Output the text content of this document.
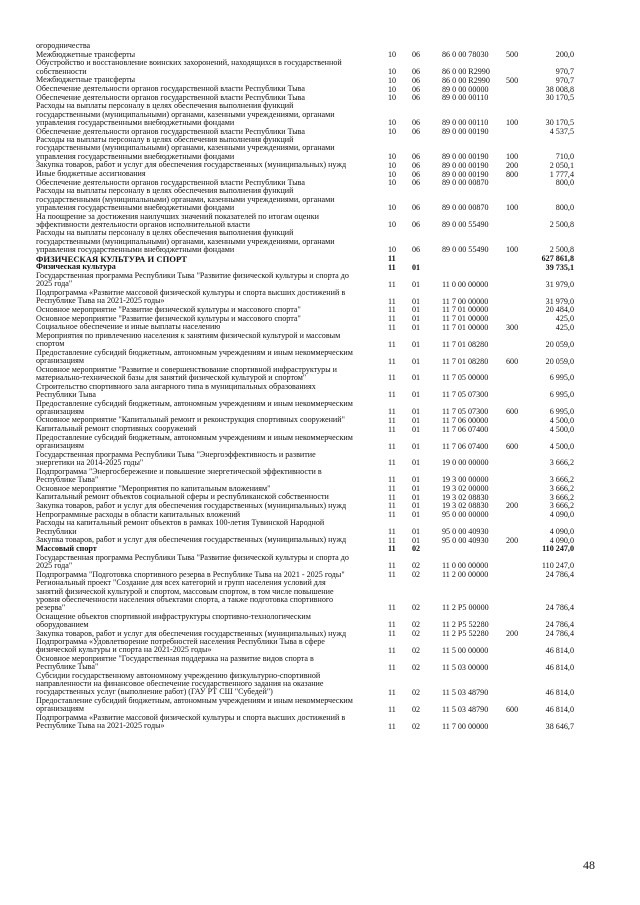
огородничества
Межбюджетные трансферты	10	06	86 0 00 78030	500	200,0
Обустройство и восстановление воинских захоронений, находящихся в государственной
собственности	10	06	86 0 00 R2990	970,7
Межбюджетные трансферты	10	06	86 0 00 R2990	500	970,7
Обеспечение деятельности органов государственной власти Республики Тыва	10	06	89 0 00 00000	38 008,8
Обеспечение деятельности органов государственной власти Республики Тыва	10	06	89 0 00 00110	30 170,5
Расходы на выплаты персоналу в целях обеспечения выполнения функций
государственными (муниципальными) органами, казенными учреждениями, органами
управления государственными внебюджетными фондами	10	06	89 0 00 00110	100	30 170,5
Обеспечение деятельности органов государственной власти Республики Тыва	10	06	89 0 00 00190	4 537,5
Расходы на выплаты персоналу в целях обеспечения выполнения функций
государственными (муниципальными) органами, казенными учреждениями, органами
управления государственными внебюджетными фондами	10	06	89 0 00 00190	100	710,0
Закупка товаров, работ и услуг для обеспечения государственных (муниципальных) нужд	10	06	89 0 00 00190	200	2 050,1
Иные бюджетные ассигнования	10	06	89 0 00 00190	800	1 777,4
Обеспечение деятельности органов государственной власти Республики Тыва	10	06	89 0 00 00870	800,0
Расходы на выплаты персоналу в целях обеспечения выполнения функций
государственными (муниципальными) органами, казенными учреждениями, органами
управления государственными внебюджетными фондами	10	06	89 0 00 00870	100	800,0
На поощрение за достижения наилучших значений показателей по итогам оценки
эффективности деятельности органов исполнительной власти	10	06	89 0 00 55490	2 500,8
Расходы на выплаты персоналу в целях обеспечения выполнения функций
государственными (муниципальными) органами, казенными учреждениями, органами
управления государственными внебюджетными фондами	10	06	89 0 00 55490	100	2 500,8
ФИЗИЧЕСКАЯ КУЛЬТУРА И СПОРТ	11	627 861,8
Физическая культура	11	01	39 735,1
Государственная программа Республики Тыва "Развитие физической культуры и спорта до
2025 года"	11	01	11 0 00 00000	31 979,0
Подпрограмма «Развитие массовой физической культуры и спорта высших достижений в
Республике Тыва на 2021-2025 годы»	11	01	11 7 00 00000	31 979,0
Основное мероприятие "Развитие физической культуры и массового спорта"	11	01	11 7 01 00000	20 484,0
Основное мероприятие "Развитие физической культуры и массового спорта"	11	01	11 7 01 00000	425,0
Социальное обеспечение и иные выплаты населению	11	01	11 7 01 00000	300	425,0
Мероприятия по привлечению населения к занятиям физической культурой и массовым
спортом	11	01	11 7 01 08280	20 059,0
Предоставление субсидий бюджетным, автономным учреждениям и иным некоммерческим
организациям	11	01	11 7 01 08280	600	20 059,0
Основное мероприятие "Развитие и совершенствование спортивной инфраструктуры и
материально-технической базы для занятий физической культурой и спортом"	11	01	11 7 05 00000	6 995,0
Строительство спортивного зала ангарного типа в муниципальных образованиях
Республики Тыва	11	01	11 7 05 07300	6 995,0
Предоставление субсидий бюджетным, автономным учреждениям и иным некоммерческим
организациям	11	01	11 7 05 07300	600	6 995,0
Основное мероприятие "Капитальный ремонт и реконструкция спортивных сооружений"	11	01	11 7 06 00000	4 500,0
Капитальный ремонт спортивных сооружений	11	01	11 7 06 07400	4 500,0
Предоставление субсидий бюджетным, автономным учреждениям и иным некоммерческим
организациям	11	01	11 7 06 07400	600	4 500,0
Государственная программа Республики Тыва "Энергоэффективность и развитие
энергетики на 2014-2025 годы"	11	01	19 0 00 00000	3 666,2
Подпрограмма "Энергосбережение и повышение энергетической эффективности в
Республике Тыва"	11	01	19 3 00 00000	3 666,2
Основное мероприятие "Мероприятия по капитальным вложениям"	11	01	19 3 02 00000	3 666,2
Капитальный ремонт объектов социальной сферы и республиканской собственности	11	01	19 3 02 08830	3 666,2
Закупка товаров, работ и услуг для обеспечения государственных (муниципальных) нужд	11	01	19 3 02 08830	200	3 666,2
Непрограммные расходы в области капитальных вложений	11	01	95 0 00 00000	4 090,0
Расходы на капитальный ремонт объектов в рамках 100-летия Тувинской Народной
Республики	11	01	95 0 00 40930	4 090,0
Закупка товаров, работ и услуг для обеспечения государственных (муниципальных) нужд	11	01	95 0 00 40930	200	4 090,0
Массовый спорт	11	02	110 247,0
Государственная программа Республики Тыва "Развитие физической культуры и спорта до
2025 года"	11	02	11 0 00 00000	110 247,0
Подпрограмма "Подготовка спортивного резерва в Республике Тыва на 2021 - 2025 годы"	11	02	11 2 00 00000	24 786,4
Региональный проект "Создание для всех категорий и групп населения условий для
занятий физической культурой и спортом, массовым спортом, в том числе повышение
уровня обеспеченности населения объектами спорта, а также подготовка спортивного
резерва"	11	02	11 2 P5 00000	24 786,4
Оснащение объектов спортивной инфраструктуры спортивно-технологическим
оборудованием	11	02	11 2 P5 52280	24 786,4
Закупка товаров, работ и услуг для обеспечения государственных (муниципальных) нужд	11	02	11 2 P5 52280	200	24 786,4
Подпрограмма «Удовлетворение потребностей населения Республики Тыва в сфере
физической культуры и спорта на 2021-2025 годы»	11	02	11 5 00 00000	46 814,0
Основное мероприятие "Государственная поддержка на развитие видов спорта в
Республике Тыва"	11	02	11 5 03 00000	46 814,0
Субсидии государственному автономному учреждению физкультурно-спортивной
направленности на финансовое обеспечение государственного задания на оказание
государственных услуг (выполнение работ) (ГАУ РТ СШ "Субедей")	11	02	11 5 03 48790	46 814,0
Предоставление субсидий бюджетным, автономным учреждениям и иным некоммерческим
организациям	11	02	11 5 03 48790	600	46 814,0
Подпрограмма «Развитие массовой физической культуры и спорта высших достижений в
Республике Тыва на 2021-2025 годы»	11	02	11 7 00 00000	38 646,7
48
